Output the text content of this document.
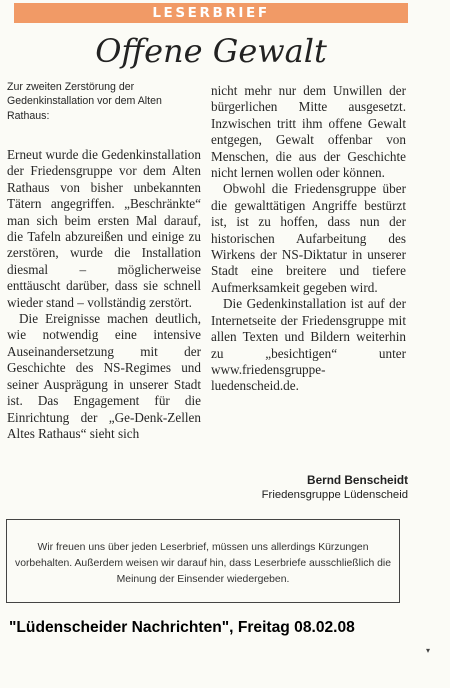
LESERBRIEF
Offene Gewalt
Zur zweiten Zerstörung der Gedenkinstallation vor dem Alten Rathaus:

Erneut wurde die Gedenkinstallation der Friedensgruppe vor dem Alten Rathaus von bisher unbekannten Tätern angegriffen. „Beschränkte“ man sich beim ersten Mal darauf, die Tafeln abzureißen und einige zu zerstören, wurde die Installation diesmal – möglicherweise enttäuscht darüber, dass sie schnell wieder stand – vollständig zerstört.

Die Ereignisse machen deutlich, wie notwendig eine intensive Auseinandersetzung mit der Geschichte des NS-Regimes und seiner Ausprägung in unserer Stadt ist. Das Engagement für die Einrichtung der „Ge-Denk-Zellen Altes Rathaus“ sieht sich

nicht mehr nur dem Unwillen der bürgerlichen Mitte ausgesetzt. Inzwischen tritt ihm offene Gewalt entgegen, Gewalt offenbar von Menschen, die aus der Geschichte nicht lernen wollen oder können.

Obwohl die Friedensgruppe über die gewalttätigen Angriffe bestürzt ist, ist zu hoffen, dass nun der historischen Aufarbeitung des Wirkens der NS-Diktatur in unserer Stadt eine breitere und tiefere Aufmerksamkeit gegeben wird.

Die Gedenkinstallation ist auf der Internetseite der Friedensgruppe mit allen Texten und Bildern weiterhin zu „besichtigen“ unter www.friedensgruppe-luedenscheid.de.

Bernd Benscheidt
Friedensgruppe Lüdenscheid
Wir freuen uns über jeden Leserbrief, müssen uns allerdings Kürzungen vorbehalten. Außerdem weisen wir darauf hin, dass Leserbriefe ausschließlich die Meinung der Einsender wiedergeben.
"Lüdenscheider Nachrichten", Freitag 08.02.08
▾
